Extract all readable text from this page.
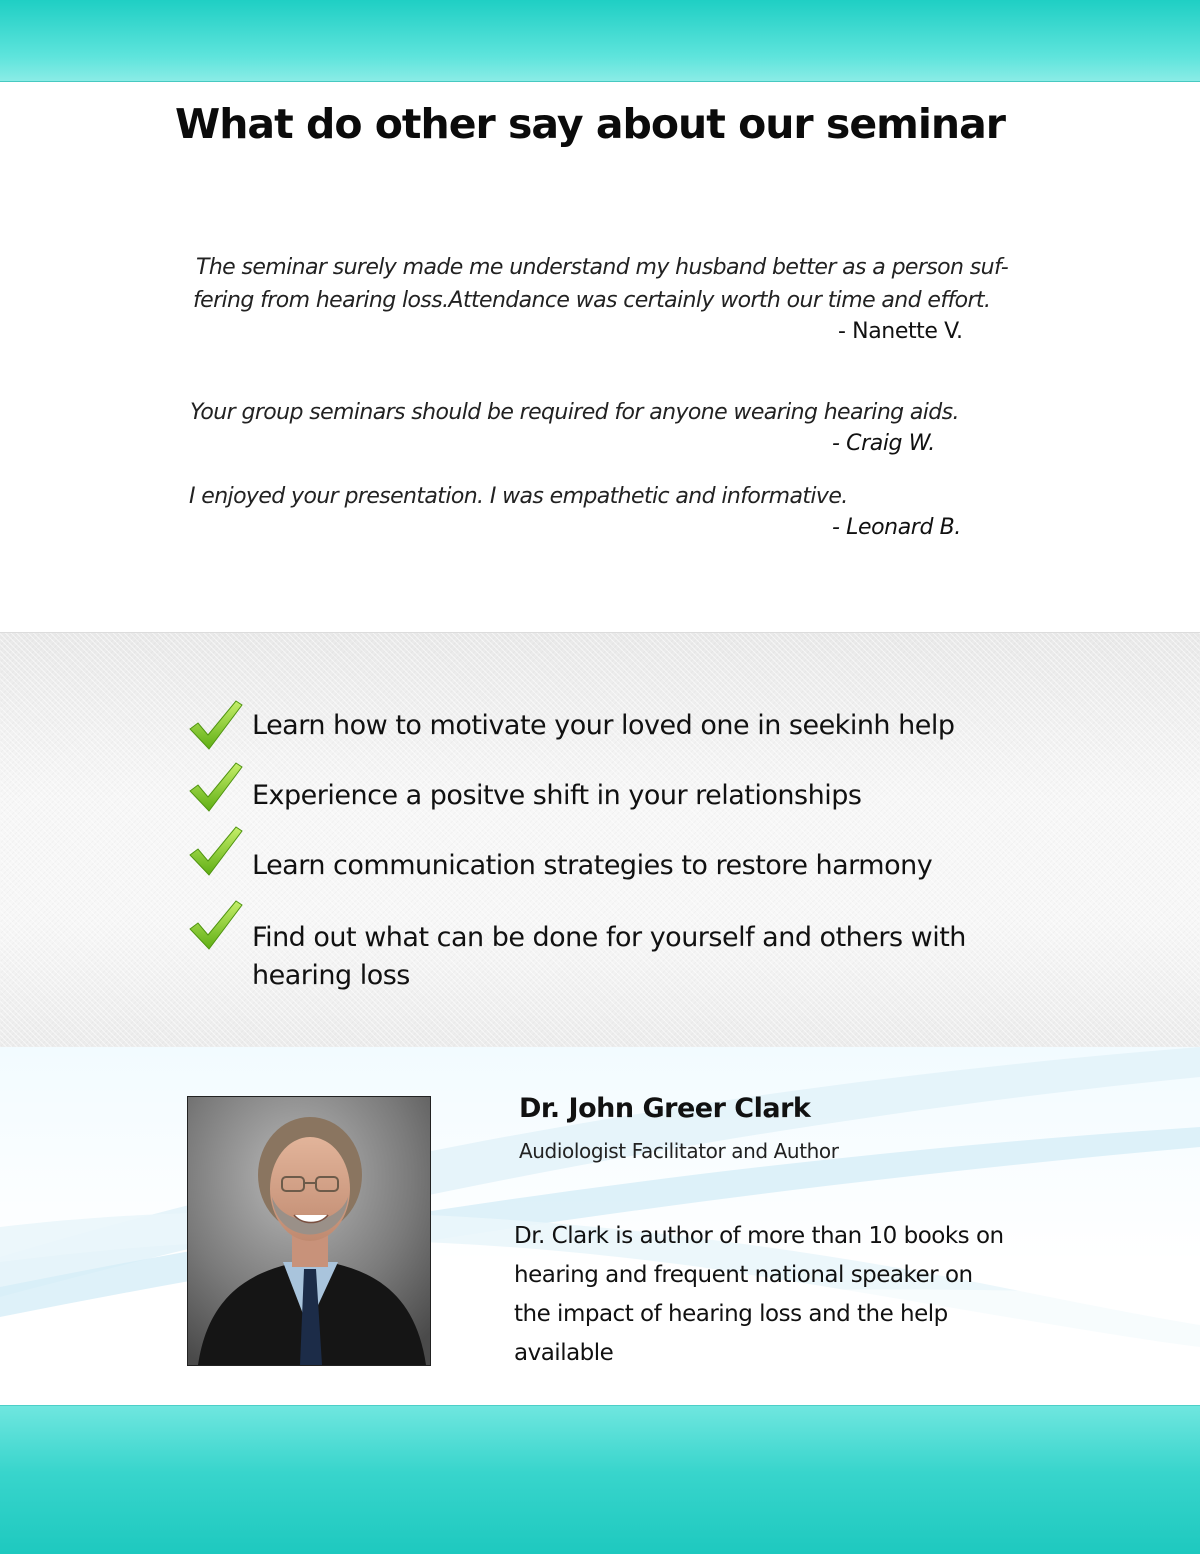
What do other say about our seminar

The seminar surely made me understand my husband better as a person suf-

fering from hearing loss.Attendance was certainly worth our time and effort.

- Nanette V.

Your group seminars should be required for anyone wearing hearing aids.

- Craig W.

I enjoyed your presentation. I was empathetic and informative.

- Leonard B.
Learn how to motivate your loved one in seekinh help
Experience a positve shift in your relationships
Learn communication strategies to restore harmony
Find out what can be done for yourself and others with hearing loss
Dr. John Greer Clark
Audiologist Facilitator and Author

Dr. Clark is author of more than 10 books on hearing and frequent national speaker on the impact of hearing loss and the help available
